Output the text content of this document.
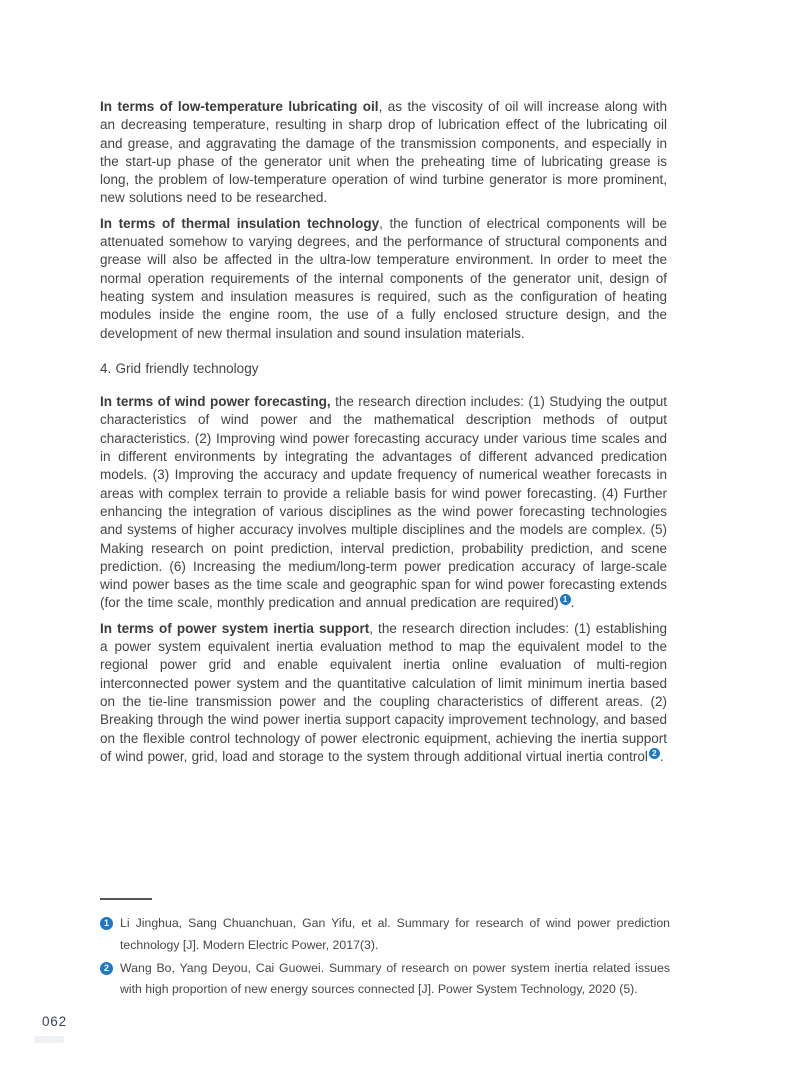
In terms of low-temperature lubricating oil, as the viscosity of oil will increase along with an decreasing temperature, resulting in sharp drop of lubrication effect of the lubricating oil and grease, and aggravating the damage of the transmission components, and especially in the start-up phase of the generator unit when the preheating time of lubricating grease is long, the problem of low-temperature operation of wind turbine generator is more prominent, new solutions need to be researched.

In terms of thermal insulation technology, the function of electrical components will be attenuated somehow to varying degrees, and the performance of structural components and grease will also be affected in the ultra-low temperature environment. In order to meet the normal operation requirements of the internal components of the generator unit, design of heating system and insulation measures is required, such as the configuration of heating modules inside the engine room, the use of a fully enclosed structure design, and the development of new thermal insulation and sound insulation materials.

4. Grid friendly technology

In terms of wind power forecasting, the research direction includes: (1) Studying the output characteristics of wind power and the mathematical description methods of output characteristics. (2) Improving wind power forecasting accuracy under various time scales and in different environments by integrating the advantages of different advanced predication models. (3) Improving the accuracy and update frequency of numerical weather forecasts in areas with complex terrain to provide a reliable basis for wind power forecasting. (4) Further enhancing the integration of various disciplines as the wind power forecasting technologies and systems of higher accuracy involves multiple disciplines and the models are complex. (5) Making research on point prediction, interval prediction, probability prediction, and scene prediction. (6) Increasing the medium/long-term power predication accuracy of large-scale wind power bases as the time scale and geographic span for wind power forecasting extends (for the time scale, monthly predication and annual predication are required) $^1$ .

In terms of power system inertia support, the research direction includes: (1) establishing a power system equivalent inertia evaluation method to map the equivalent model to the regional power grid and enable equivalent inertia online evaluation of multi-region interconnected power system and the quantitative calculation of limit minimum inertia based on the tie-line transmission power and the coupling characteristics of different areas. (2) Breaking through the wind power inertia support capacity improvement technology, and based on the flexible control technology of power electronic equipment, achieving the inertia support of wind power, grid, load and storage to the system through additional virtual inertia control $^2$ .

1 Li Jinghua, Sang Chuanchuan, Gan Yifu, et al. Summary for research of wind power prediction technology [J]. Modern Electric Power, 2017(3).
2 Wang Bo, Yang Deyou, Cai Guowei. Summary of research on power system inertia related issues with high proportion of new energy sources connected [J]. Power System Technology, 2020 (5).
062
